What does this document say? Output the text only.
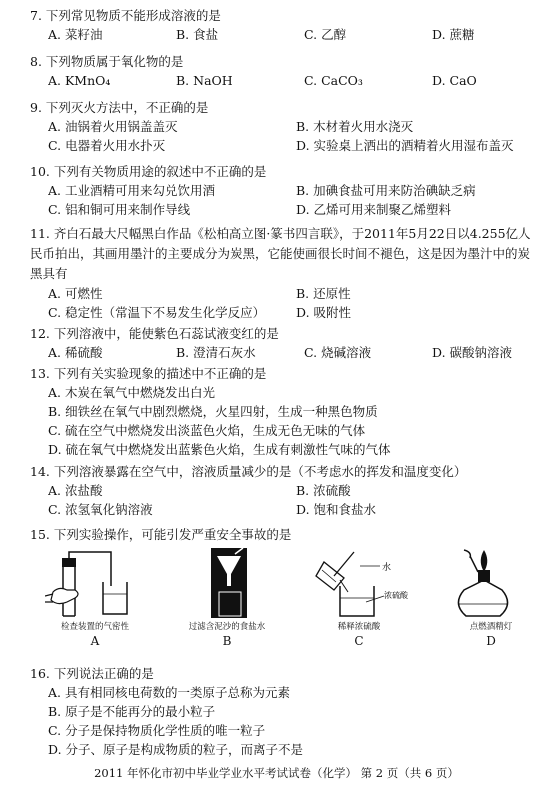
7. 下列常见物质不能形成溶液的是
A. 菜籽油	B. 食盐	C. 乙醇	D. 蔗糖
8. 下列物质属于氧化物的是
A. KMnO₄	B. NaOH	C. CaCO₃	D. CaO
9. 下列灭火方法中，不正确的是
A. 油锅着火用锅盖盖灭	B. 木材着火用水浇灭
C. 电器着火用水扑灭	D. 实验桌上洒出的酒精着火用湿布盖灭
10. 下列有关物质用途的叙述中不正确的是
A. 工业酒精可用来勾兑饮用酒	B. 加碘食盐可用来防治碘缺乏病
C. 铝和铜可用来制作导线	D. 乙烯可用来制聚乙烯塑料
11. 齐白石最大尺幅黑白作品《松柏高立图·篆书四言联》，于2011年5月22日以4.255亿人民币拍出，其画用墨汁的主要成分为炭黑，它能使画很长时间不褪色，这是因为墨汁中的炭黑具有
A. 可燃性	B. 还原性
C. 稳定性（常温下不易发生化学反应）	D. 吸附性
12. 下列溶液中，能使紫色石蕊试液变红的是
A. 稀硫酸	B. 澄清石灰水	C. 烧碱溶液	D. 碳酸钠溶液
13. 下列有关实验现象的描述中不正确的是
A. 木炭在氧气中燃烧发出白光
B. 细铁丝在氧气中剧烈燃烧，火星四射，生成一种黑色物质
C. 硫在空气中燃烧发出淡蓝色火焰，生成无色无味的气体
D. 硫在氧气中燃烧发出蓝紫色火焰，生成有刺激性气味的气体
14. 下列溶液暴露在空气中，溶液质量减少的是（不考虑水的挥发和温度变化）
A. 浓盐酸	B. 浓硫酸
C. 浓氢氧化钠溶液	D. 饱和食盐水
15. 下列实验操作，可能引发严重安全事故的是
检查装置的气密性
A
过滤含泥沙的食盐水
B
水
浓硫酸
稀释浓硫酸
C
点燃酒精灯
D
16. 下列说法正确的是
A. 具有相同核电荷数的一类原子总称为元素
B. 原子是不能再分的最小粒子
C. 分子是保持物质化学性质的唯一粒子
D. 分子、原子是构成物质的粒子，而离子不是
2011 年怀化市初中毕业学业水平考试试卷（化学） 第 2 页（共 6 页）
